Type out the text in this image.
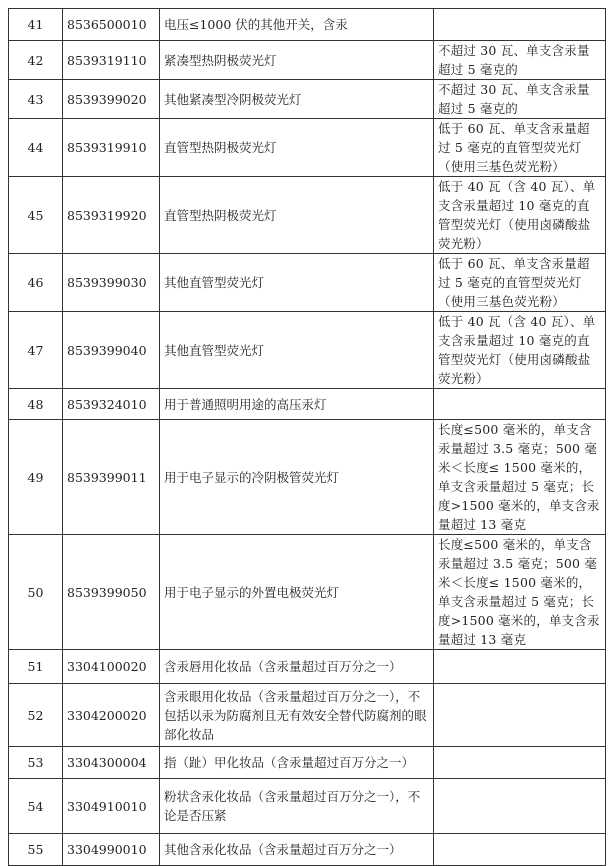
41	8536500010	电压≤1000 伏的其他开关，含汞	
42	8539319110	紧凑型热阴极荧光灯	不超过 30 瓦、单支含汞量超过 5 毫克的
43	8539399020	其他紧凑型冷阴极荧光灯	不超过 30 瓦、单支含汞量超过 5 毫克的
44	8539319910	直管型热阴极荧光灯	低于 60 瓦、单支含汞量超过 5 毫克的直管型荧光灯（使用三基色荧光粉）
45	8539319920	直管型热阴极荧光灯	低于 40 瓦（含 40 瓦）、单支含汞量超过 10 毫克的直管型荧光灯（使用卤磷酸盐荧光粉）
46	8539399030	其他直管型荧光灯	低于 60 瓦、单支含汞量超过 5 毫克的直管型荧光灯（使用三基色荧光粉）
47	8539399040	其他直管型荧光灯	低于 40 瓦（含 40 瓦）、单支含汞量超过 10 毫克的直管型荧光灯（使用卤磷酸盐荧光粉）
48	8539324010	用于普通照明用途的高压汞灯	
49	8539399011	用于电子显示的冷阴极管荧光灯	长度≤500 毫米的，单支含汞量超过 3.5 毫克；500 毫米＜长度≤ 1500 毫米的，单支含汞量超过 5 毫克；长度>1500 毫米的，单支含汞量超过 13 毫克
50	8539399050	用于电子显示的外置电极荧光灯	长度≤500 毫米的，单支含汞量超过 3.5 毫克；500 毫米＜长度≤ 1500 毫米的，单支含汞量超过 5 毫克；长度>1500 毫米的，单支含汞量超过 13 毫克
51	3304100020	含汞唇用化妆品（含汞量超过百万分之一）	
52	3304200020	含汞眼用化妆品（含汞量超过百万分之一），不包括以汞为防腐剂且无有效安全替代防腐剂的眼部化妆品	
53	3304300004	指（趾）甲化妆品（含汞量超过百万分之一）	
54	3304910010	粉状含汞化妆品（含汞量超过百万分之一），不论是否压紧	
55	3304990010	其他含汞化妆品（含汞量超过百万分之一）	
